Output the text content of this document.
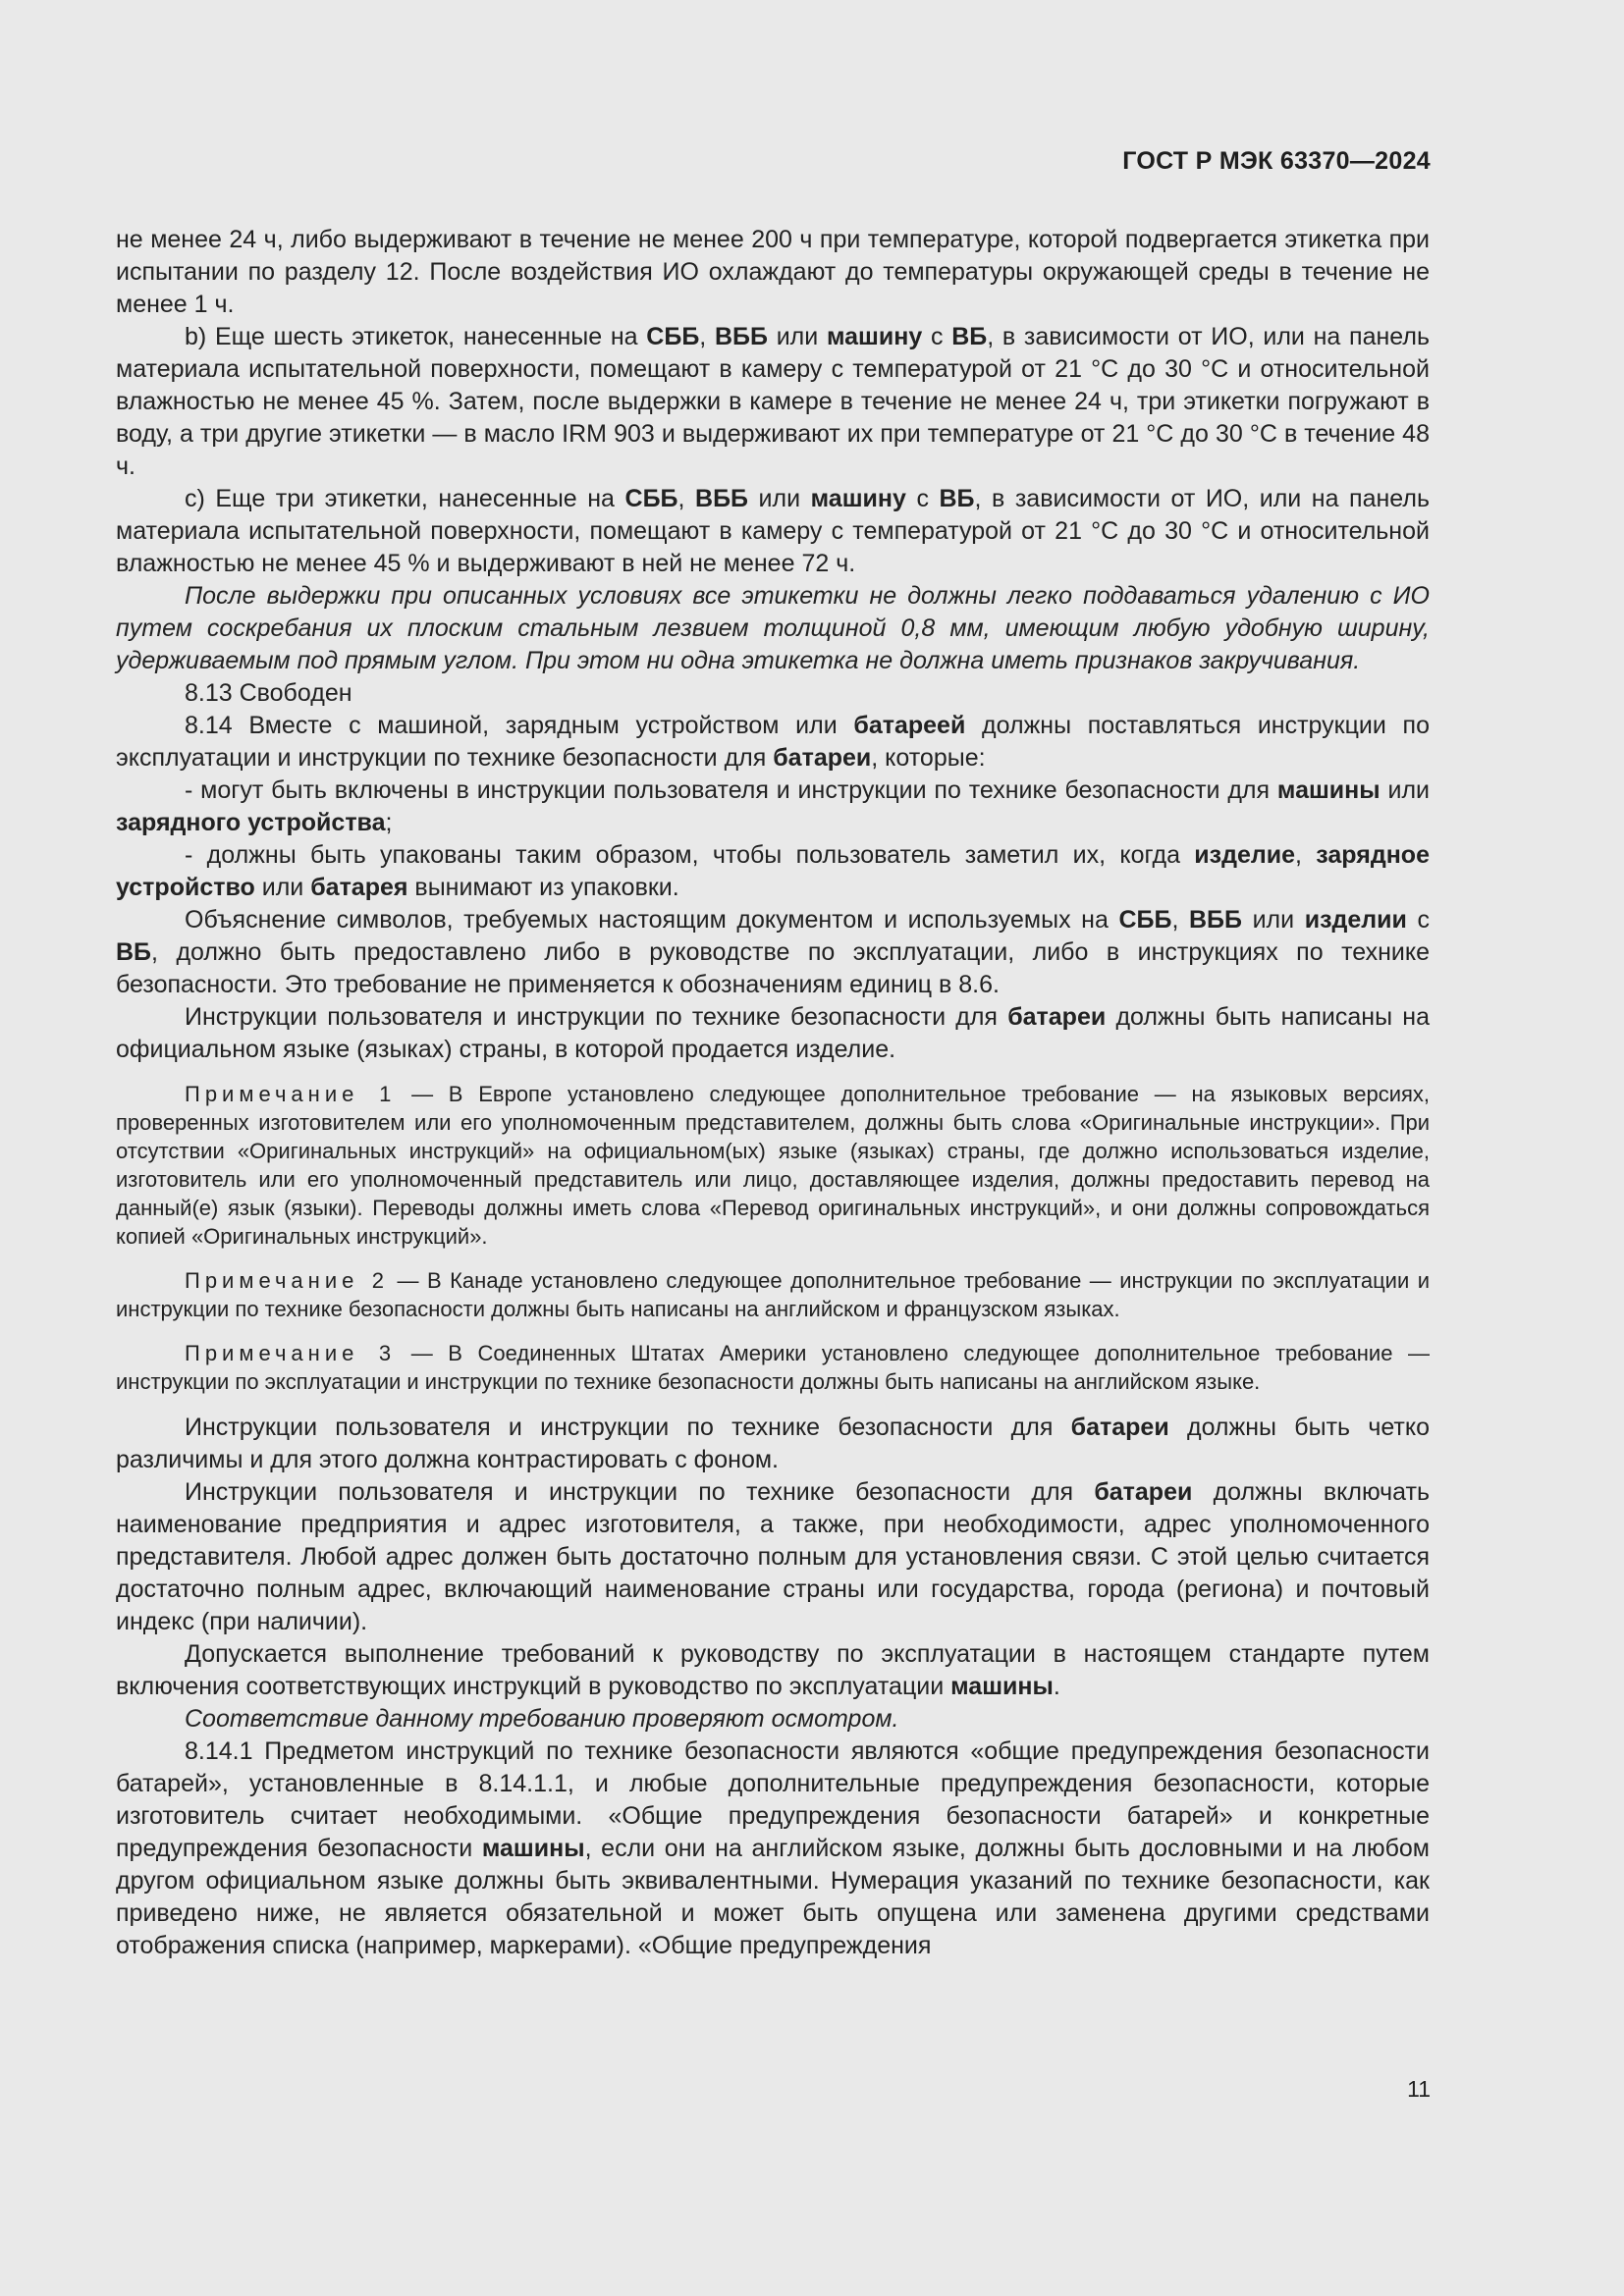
ГОСТ Р МЭК 63370—2024

не менее 24 ч, либо выдерживают в течение не менее 200 ч при температуре, которой подвергается этикетка при испытании по разделу 12. После воздействия ИО охлаждают до температуры окружающей среды в течение не менее 1 ч.

b) Еще шесть этикеток, нанесенные на СББ, ВББ или машину с ВБ, в зависимости от ИО, или на панель материала испытательной поверхности, помещают в камеру с температурой от 21 °С до 30 °С и относительной влажностью не менее 45 %. Затем, после выдержки в камере в течение не менее 24 ч, три этикетки погружают в воду, а три другие этикетки — в масло IRM 903 и выдерживают их при температуре от 21 °С до 30 °С в течение 48 ч.

c) Еще три этикетки, нанесенные на СББ, ВББ или машину с ВБ, в зависимости от ИО, или на панель материала испытательной поверхности, помещают в камеру с температурой от 21 °С до 30 °С и относительной влажностью не менее 45 % и выдерживают в ней не менее 72 ч.

После выдержки при описанных условиях все этикетки не должны легко поддаваться удалению с ИО путем соскребания их плоским стальным лезвием толщиной 0,8 мм, имеющим любую удобную ширину, удерживаемым под прямым углом. При этом ни одна этикетка не должна иметь признаков закручивания.

8.13 Свободен

8.14 Вместе с машиной, зарядным устройством или батареей должны поставляться инструкции по эксплуатации и инструкции по технике безопасности для батареи, которые:

- могут быть включены в инструкции пользователя и инструкции по технике безопасности для машины или зарядного устройства;

- должны быть упакованы таким образом, чтобы пользователь заметил их, когда изделие, зарядное устройство или батарея вынимают из упаковки.

Объяснение символов, требуемых настоящим документом и используемых на СББ, ВББ или изделии с ВБ, должно быть предоставлено либо в руководстве по эксплуатации, либо в инструкциях по технике безопасности. Это требование не применяется к обозначениям единиц в 8.6.

Инструкции пользователя и инструкции по технике безопасности для батареи должны быть написаны на официальном языке (языках) страны, в которой продается изделие.

Примечание 1 — В Европе установлено следующее дополнительное требование — на языковых версиях, проверенных изготовителем или его уполномоченным представителем, должны быть слова «Оригинальные инструкции». При отсутствии «Оригинальных инструкций» на официальном(ых) языке (языках) страны, где должно использоваться изделие, изготовитель или его уполномоченный представитель или лицо, доставляющее изделия, должны предоставить перевод на данный(е) язык (языки). Переводы должны иметь слова «Перевод оригинальных инструкций», и они должны сопровождаться копией «Оригинальных инструкций».

Примечание 2 — В Канаде установлено следующее дополнительное требование — инструкции по эксплуатации и инструкции по технике безопасности должны быть написаны на английском и французском языках.

Примечание 3 — В Соединенных Штатах Америки установлено следующее дополнительное требование — инструкции по эксплуатации и инструкции по технике безопасности должны быть написаны на английском языке.

Инструкции пользователя и инструкции по технике безопасности для батареи должны быть четко различимы и для этого должна контрастировать с фоном.

Инструкции пользователя и инструкции по технике безопасности для батареи должны включать наименование предприятия и адрес изготовителя, а также, при необходимости, адрес уполномоченного представителя. Любой адрес должен быть достаточно полным для установления связи. С этой целью считается достаточно полным адрес, включающий наименование страны или государства, города (региона) и почтовый индекс (при наличии).

Допускается выполнение требований к руководству по эксплуатации в настоящем стандарте путем включения соответствующих инструкций в руководство по эксплуатации машины.

Соответствие данному требованию проверяют осмотром.

8.14.1 Предметом инструкций по технике безопасности являются «общие предупреждения безопасности батарей», установленные в 8.14.1.1, и любые дополнительные предупреждения безопасности, которые изготовитель считает необходимыми. «Общие предупреждения безопасности батарей» и конкретные предупреждения безопасности машины, если они на английском языке, должны быть дословными и на любом другом официальном языке должны быть эквивалентными. Нумерация указаний по технике безопасности, как приведено ниже, не является обязательной и может быть опущена или заменена другими средствами отображения списка (например, маркерами). «Общие предупреждения

11
